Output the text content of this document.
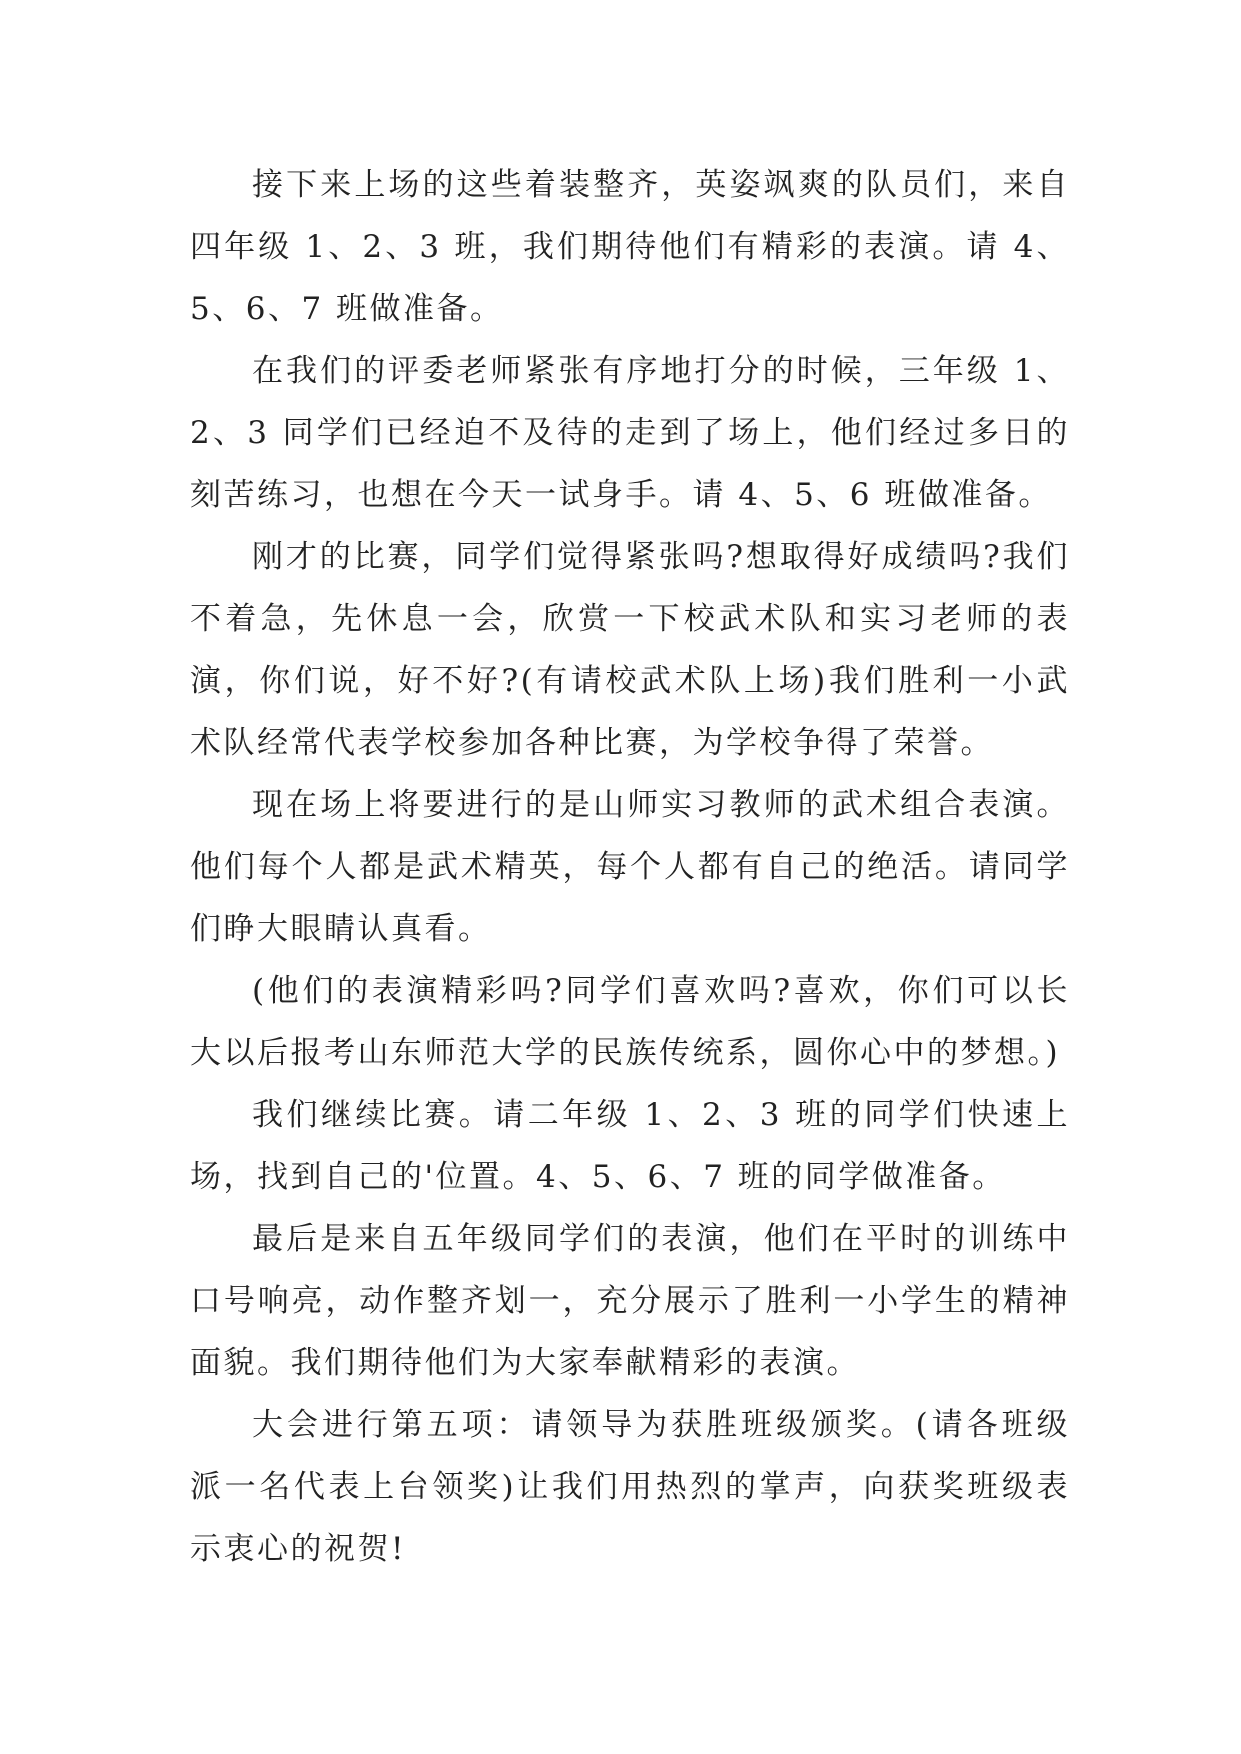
接下来上场的这些着装整齐，英姿飒爽的队员们，来自四年级 1、2、3 班，我们期待他们有精彩的表演。请 4、5、6、7 班做准备。

在我们的评委老师紧张有序地打分的时候，三年级 1、2、3 同学们已经迫不及待的走到了场上，他们经过多日的刻苦练习，也想在今天一试身手。请 4、5、6 班做准备。

刚才的比赛，同学们觉得紧张吗?想取得好成绩吗?我们不着急，先休息一会，欣赏一下校武术队和实习老师的表演，你们说，好不好?(有请校武术队上场)我们胜利一小武术队经常代表学校参加各种比赛，为学校争得了荣誉。

现在场上将要进行的是山师实习教师的武术组合表演。他们每个人都是武术精英，每个人都有自己的绝活。请同学们睁大眼睛认真看。

(他们的表演精彩吗?同学们喜欢吗?喜欢，你们可以长大以后报考山东师范大学的民族传统系，圆你心中的梦想。)

我们继续比赛。请二年级 1、2、3 班的同学们快速上场，找到自己的'位置。4、5、6、7 班的同学做准备。

最后是来自五年级同学们的表演，他们在平时的训练中口号响亮，动作整齐划一，充分展示了胜利一小学生的精神面貌。我们期待他们为大家奉献精彩的表演。

大会进行第五项：请领导为获胜班级颁奖。(请各班级派一名代表上台领奖)让我们用热烈的掌声，向获奖班级表示衷心的祝贺!
